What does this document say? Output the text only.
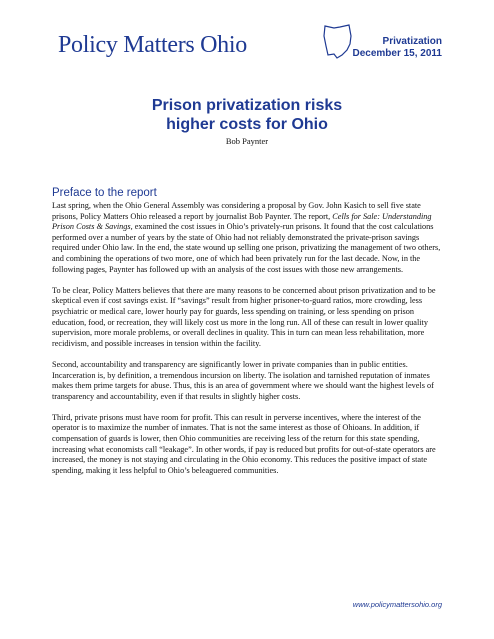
Policy Matters Ohio	Privatization
December 15, 2011
Prison privatization risks
higher costs for Ohio
Bob Paynter
Preface to the report

Last spring, when the Ohio General Assembly was considering a proposal by Gov. John Kasich to sell five state prisons, Policy Matters Ohio released a report by journalist Bob Paynter. The report, Cells for Sale: Understanding Prison Costs & Savings, examined the cost issues in Ohio’s privately-run prisons. It found that the cost calculations performed over a number of years by the state of Ohio had not reliably demonstrated the private-prison savings required under Ohio law. In the end, the state wound up selling one prison, privatizing the management of two others, and combining the operations of two more, one of which had been privately run for the last decade. Now, in the following pages, Paynter has followed up with an analysis of the cost issues with those new arrangements.

To be clear, Policy Matters believes that there are many reasons to be concerned about prison privatization and to be skeptical even if cost savings exist. If “savings” result from higher prisoner-to-guard ratios, more crowding, less psychiatric or medical care, lower hourly pay for guards, less spending on training, or less spending on prison education, food, or recreation, they will likely cost us more in the long run. All of these can result in lower quality supervision, more morale problems, or overall declines in quality. This in turn can mean less rehabilitation, more recidivism, and possible increases in tension within the facility.

Second, accountability and transparency are significantly lower in private companies than in public entities. Incarceration is, by definition, a tremendous incursion on liberty. The isolation and tarnished reputation of inmates makes them prime targets for abuse. Thus, this is an area of government where we should want the highest levels of transparency and accountability, even if that results in slightly higher costs.

Third, private prisons must have room for profit. This can result in perverse incentives, where the interest of the operator is to maximize the number of inmates. That is not the same interest as those of Ohioans. In addition, if compensation of guards is lower, then Ohio communities are receiving less of the return for this state spending, increasing what economists call “leakage”. In other words, if pay is reduced but profits for out-of-state operators are increased, the money is not staying and circulating in the Ohio economy. This reduces the positive impact of state spending, making it less helpful to Ohio’s beleaguered communities.

www.policymattersohio.org
